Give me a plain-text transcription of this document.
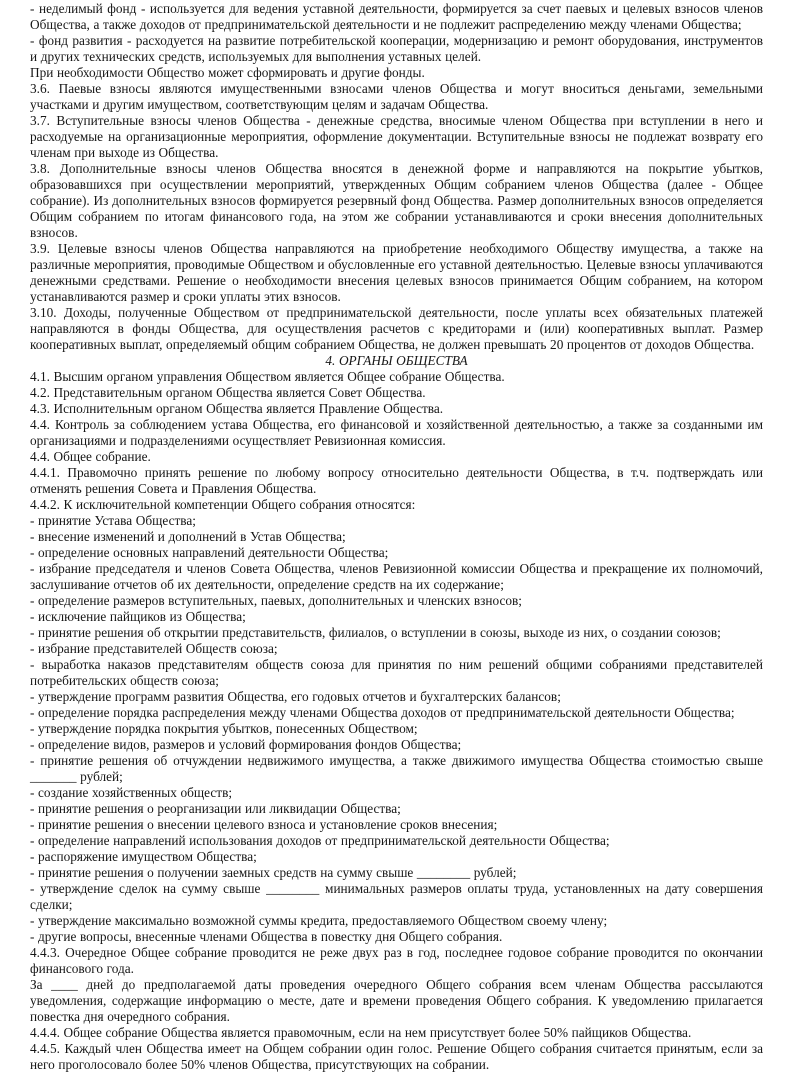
- неделимый фонд - используется для ведения уставной деятельности, формируется за счет паевых и целевых взносов членов Общества, а также доходов от предпринимательской деятельности и не подлежит распределению между членами Общества;

- фонд развития - расходуется на развитие потребительской кооперации, модернизацию и ремонт оборудования, инструментов и других технических средств, используемых для выполнения уставных целей.

При необходимости Общество может сформировать и другие фонды.

3.6. Паевые взносы являются имущественными взносами членов Общества и могут вноситься деньгами, земельными участками и другим имуществом, соответствующим целям и задачам Общества.

3.7. Вступительные взносы членов Общества - денежные средства, вносимые членом Общества при вступлении в него и расходуемые на организационные мероприятия, оформление документации. Вступительные взносы не подлежат возврату его членам при выходе из Общества.

3.8. Дополнительные взносы членов Общества вносятся в денежной форме и направляются на покрытие убытков, образовавшихся при осуществлении мероприятий, утвержденных Общим собранием членов Общества (далее - Общее собрание). Из дополнительных взносов формируется резервный фонд Общества. Размер дополнительных взносов определяется Общим собранием по итогам финансового года, на этом же собрании устанавливаются и сроки внесения дополнительных взносов.

3.9. Целевые взносы членов Общества направляются на приобретение необходимого Обществу имущества, а также на различные мероприятия, проводимые Обществом и обусловленные его уставной деятельностью. Целевые взносы уплачиваются денежными средствами. Решение о необходимости внесения целевых взносов принимается Общим собранием, на котором устанавливаются размер и сроки уплаты этих взносов.

3.10. Доходы, полученные Обществом от предпринимательской деятельности, после уплаты всех обязательных платежей направляются в фонды Общества, для осуществления расчетов с кредиторами и (или) кооперативных выплат. Размер кооперативных выплат, определяемый общим собранием Общества, не должен превышать 20 процентов от доходов Общества.

4. ОРГАНЫ ОБЩЕСТВА

4.1. Высшим органом управления Обществом является Общее собрание Общества.

4.2. Представительным органом Общества является Совет Общества.

4.3. Исполнительным органом Общества является Правление Общества.

4.4. Контроль за соблюдением устава Общества, его финансовой и хозяйственной деятельностью, а также за созданными им организациями и подразделениями осуществляет Ревизионная комиссия.

4.4. Общее собрание.

4.4.1. Правомочно принять решение по любому вопросу относительно деятельности Общества, в т.ч. подтверждать или отменять решения Совета и Правления Общества.

4.4.2. К исключительной компетенции Общего собрания относятся:

- принятие Устава Общества;

- внесение изменений и дополнений в Устав Общества;

- определение основных направлений деятельности Общества;

- избрание председателя и членов Совета Общества, членов Ревизионной комиссии Общества и прекращение их полномочий, заслушивание отчетов об их деятельности, определение средств на их содержание;

- определение размеров вступительных, паевых, дополнительных и членских взносов;

- исключение пайщиков из Общества;

- принятие решения об открытии представительств, филиалов, о вступлении в союзы, выходе из них, о создании союзов;

- избрание представителей Обществ союза;

- выработка наказов представителям обществ союза для принятия по ним решений общими собраниями представителей потребительских обществ союза;

- утверждение программ развития Общества, его годовых отчетов и бухгалтерских балансов;

- определение порядка распределения между членами Общества доходов от предпринимательской деятельности Общества;

- утверждение порядка покрытия убытков, понесенных Обществом;

- определение видов, размеров и условий формирования фондов Общества;

- принятие решения об отчуждении недвижимого имущества, а также движимого имущества Общества стоимостью свыше _______ рублей;

- создание хозяйственных обществ;

- принятие решения о реорганизации или ликвидации Общества;

- принятие решения о внесении целевого взноса и установление сроков внесения;

- определение направлений использования доходов от предпринимательской деятельности Общества;

- распоряжение имуществом Общества;

- принятие решения о получении заемных средств на сумму свыше ________ рублей;

- утверждение сделок на сумму свыше ________ минимальных размеров оплаты труда, установленных на дату совершения сделки;

- утверждение максимально возможной суммы кредита, предоставляемого Обществом своему члену;

- другие вопросы, внесенные членами Общества в повестку дня Общего собрания.

4.4.3. Очередное Общее собрание проводится не реже двух раз в год, последнее годовое собрание проводится по окончании финансового года.

За ____ дней до предполагаемой даты проведения очередного Общего собрания всем членам Общества рассылаются уведомления, содержащие информацию о месте, дате и времени проведения Общего собрания. К уведомлению прилагается повестка дня очередного собрания.

4.4.4. Общее собрание Общества является правомочным, если на нем присутствует более 50% пайщиков Общества.

4.4.5. Каждый член Общества имеет на Общем собрании один голос. Решение Общего собрания считается принятым, если за него проголосовало более 50% членов Общества, присутствующих на собрании.
